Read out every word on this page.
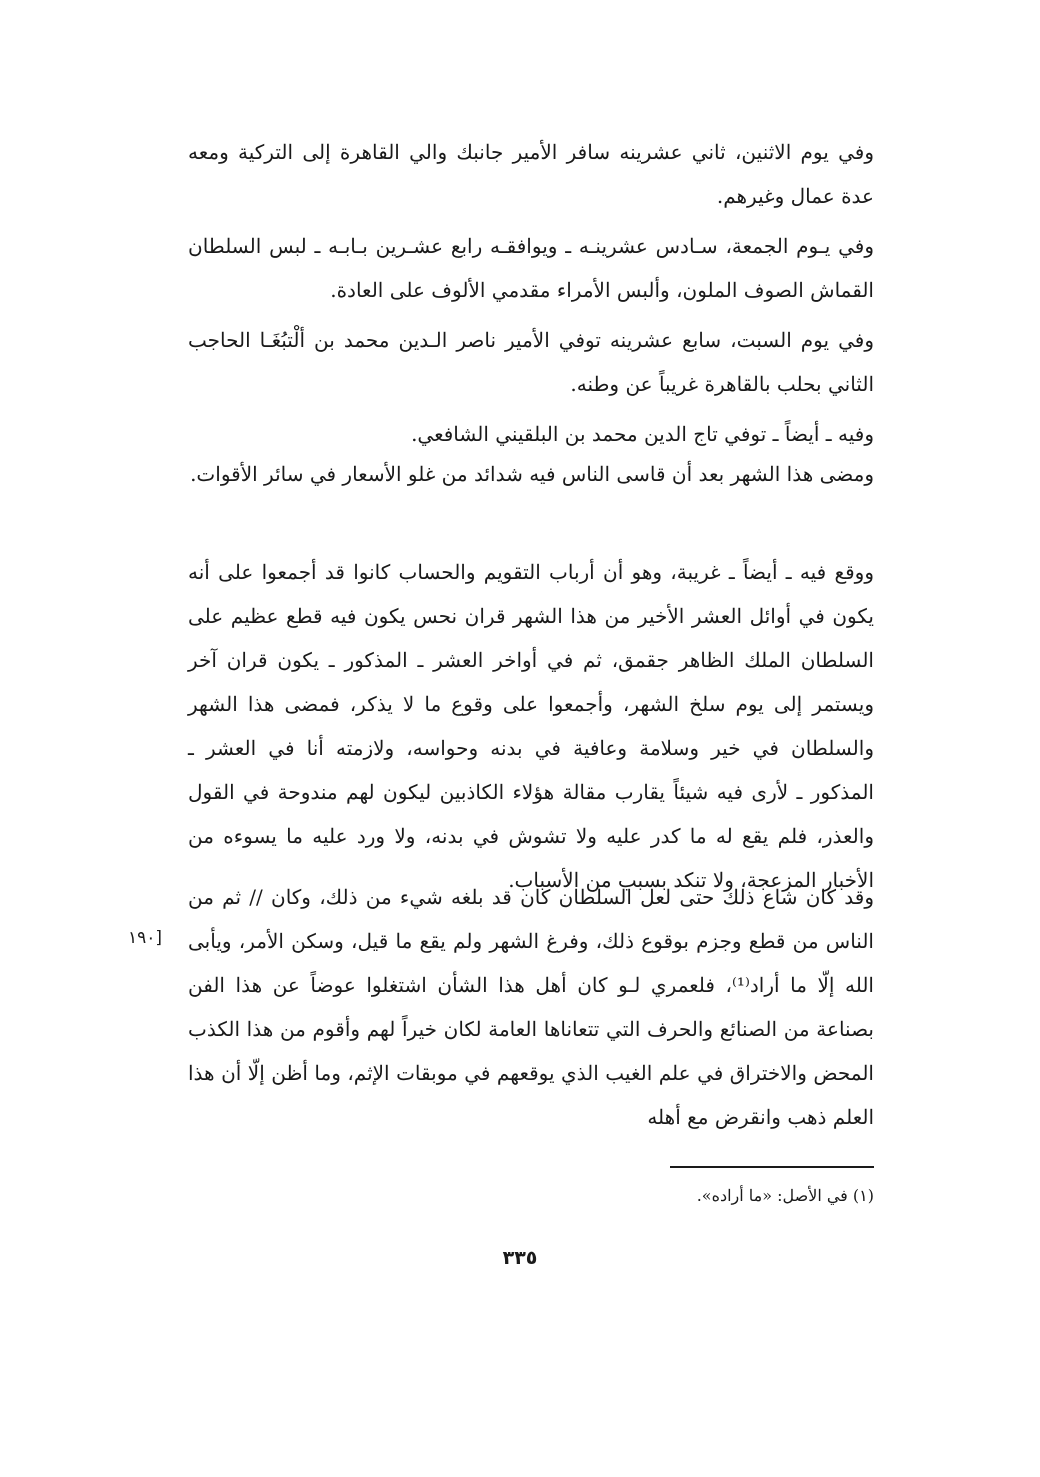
وفي يوم الاثنين، ثاني عشرينه سافر الأمير جانبك والي القاهرة إلى التركية ومعه عدة عمال وغيرهم.

وفي يـوم الجمعة، سـادس عشرينـه ـ ويوافقـه رابع عشـرين بـابـه ـ لبس السلطان القماش الصوف الملون، وألبس الأمراء مقدمي الألوف على العادة.

وفي يوم السبت، سابع عشرينه توفي الأمير ناصر الـدين محمد بن ألْتبُغَـا الحاجب الثاني بحلب بالقاهرة غريباً عن وطنه.

وفيه ـ أيضاً ـ توفي تاج الدين محمد بن البلقيني الشافعي.

ومضى هذا الشهر بعد أن قاسى الناس فيه شدائد من غلو الأسعار في سائر الأقوات.

ووقع فيه ـ أيضاً ـ غريبة، وهو أن أرباب التقويم والحساب كانوا قد أجمعوا على أنه يكون في أوائل العشر الأخير من هذا الشهر قران نحس يكون فيه قطع عظيم على السلطان الملك الظاهر جقمق، ثم في أواخر العشر ـ المذكور ـ يكون قران آخر ويستمر إلى يوم سلخ الشهر، وأجمعوا على وقوع ما لا يذكر، فمضى هذا الشهر والسلطان في خير وسلامة وعافية في بدنه وحواسه، ولازمته أنا في العشر ـ المذكور ـ لأرى فيه شيئاً يقارب مقالة هؤلاء الكاذبين ليكون لهم مندوحة في القول والعذر، فلم يقع له ما كدر عليه ولا تشوش في بدنه، ولا ورد عليه ما يسوءه من الأخبار المزعجة، ولا تنكد بسبب من الأسباب.

وقد كان شاع ذلك حتى لعل السلطان كان قد بلغه شيء من ذلك، وكان // ثم من الناس من قطع وجزم بوقوع ذلك، وفرغ الشهر ولم يقع ما قيل، وسكن الأمر، ويأبى الله إلّا ما أراد⁽¹⁾، فلعمري لـو كان أهل هذا الشأن اشتغلوا عوضاً عن هذا الفن بصناعة من الصنائع والحرف التي تتعاناها العامة لكان خيراً لهم وأقوم من هذا الكذب المحض والاختراق في علم الغيب الذي يوقعهم في موبقات الإثم، وما أظن إلّا أن هذا العلم ذهب وانقرض مع أهله

[١٩٠
(١) في الأصل: «ما أراده».
٣٣٥
